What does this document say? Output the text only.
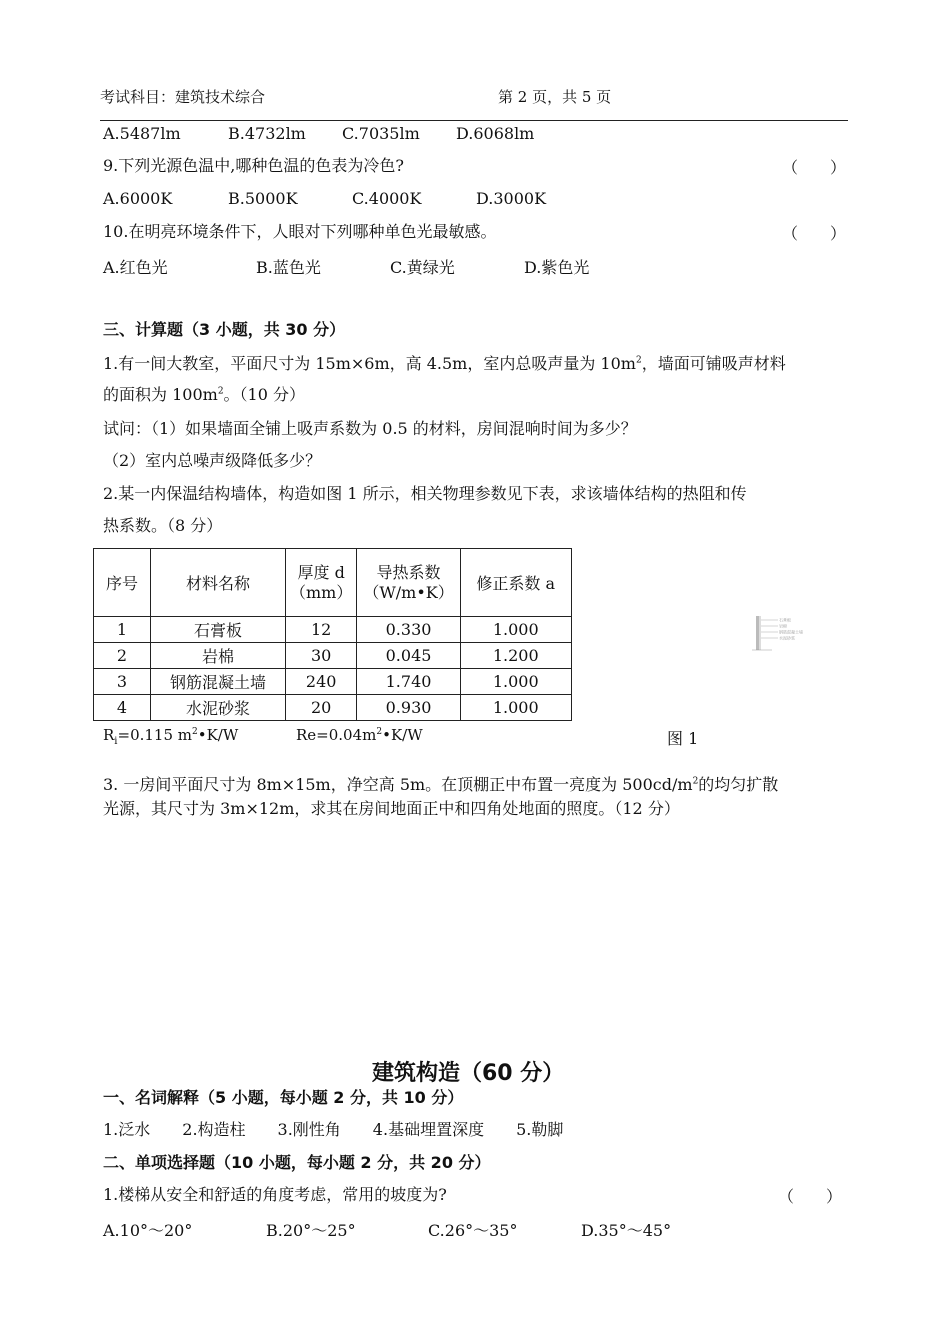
考试科目：建筑技术综合	第 2 页，共 5 页
A.5487lm	B.4732lm C.7035lm D.6068lm
9.下列光源色温中,哪种色温的色表为冷色?	（　　）
A.6000K	B.5000K	C.4000K	D.3000K
10.在明亮环境条件下，人眼对下列哪种单色光最敏感。	（　　）
A.红色光	B.蓝色光	C.黄绿光	D.紫色光
三、计算题（3 小题，共 30 分）
1.有一间大教室，平面尺寸为 15m×6m，高 4.5m，室内总吸声量为 $10m^2$，墙面可铺吸声材料
的面积为 $100m^2$。（10 分）
试问：（1）如果墙面全铺上吸声系数为 0.5 的材料，房间混响时间为多少？
（2）室内总噪声级降低多少？
2.某一内保温结构墙体，构造如图 1 所示，相关物理参数见下表，求该墙体结构的热阻和传
热系数。（8 分）
序号	材料名称	厚度 d（mm）	导热系数（W/m•K）	修正系数 a
1	石膏板	12	0.330	1.000
2	岩棉	30	0.045	1.200
3	钢筋混凝土墙	240	1.740	1.000
4	水泥砂浆	20	0.930	1.000
$R_i=0.115$ $m^2•K/W$	$Re=0.04m^2•K/W$	图 1
石膏板
岩棉
钢筋混凝土墙
水泥砂浆
3. 一房间平面尺寸为 8m×15m，净空高 5m。在顶棚正中布置一亮度为 $500cd/m^2$的均匀扩散
光源，其尺寸为 3m×12m，求其在房间地面正中和四角处地面的照度。（12 分）
建筑构造（60 分）
一、名词解释（5 小题，每小题 2 分，共 10 分）
1.泛水　　2.构造柱　　3.刚性角　　4.基础埋置深度　　5.勒脚
二、单项选择题（10 小题，每小题 2 分，共 20 分）
1.楼梯从安全和舒适的角度考虑，常用的坡度为?	（　　）
A.10°～20°	B.20°～25°	C.26°～35°	D.35°～45°
